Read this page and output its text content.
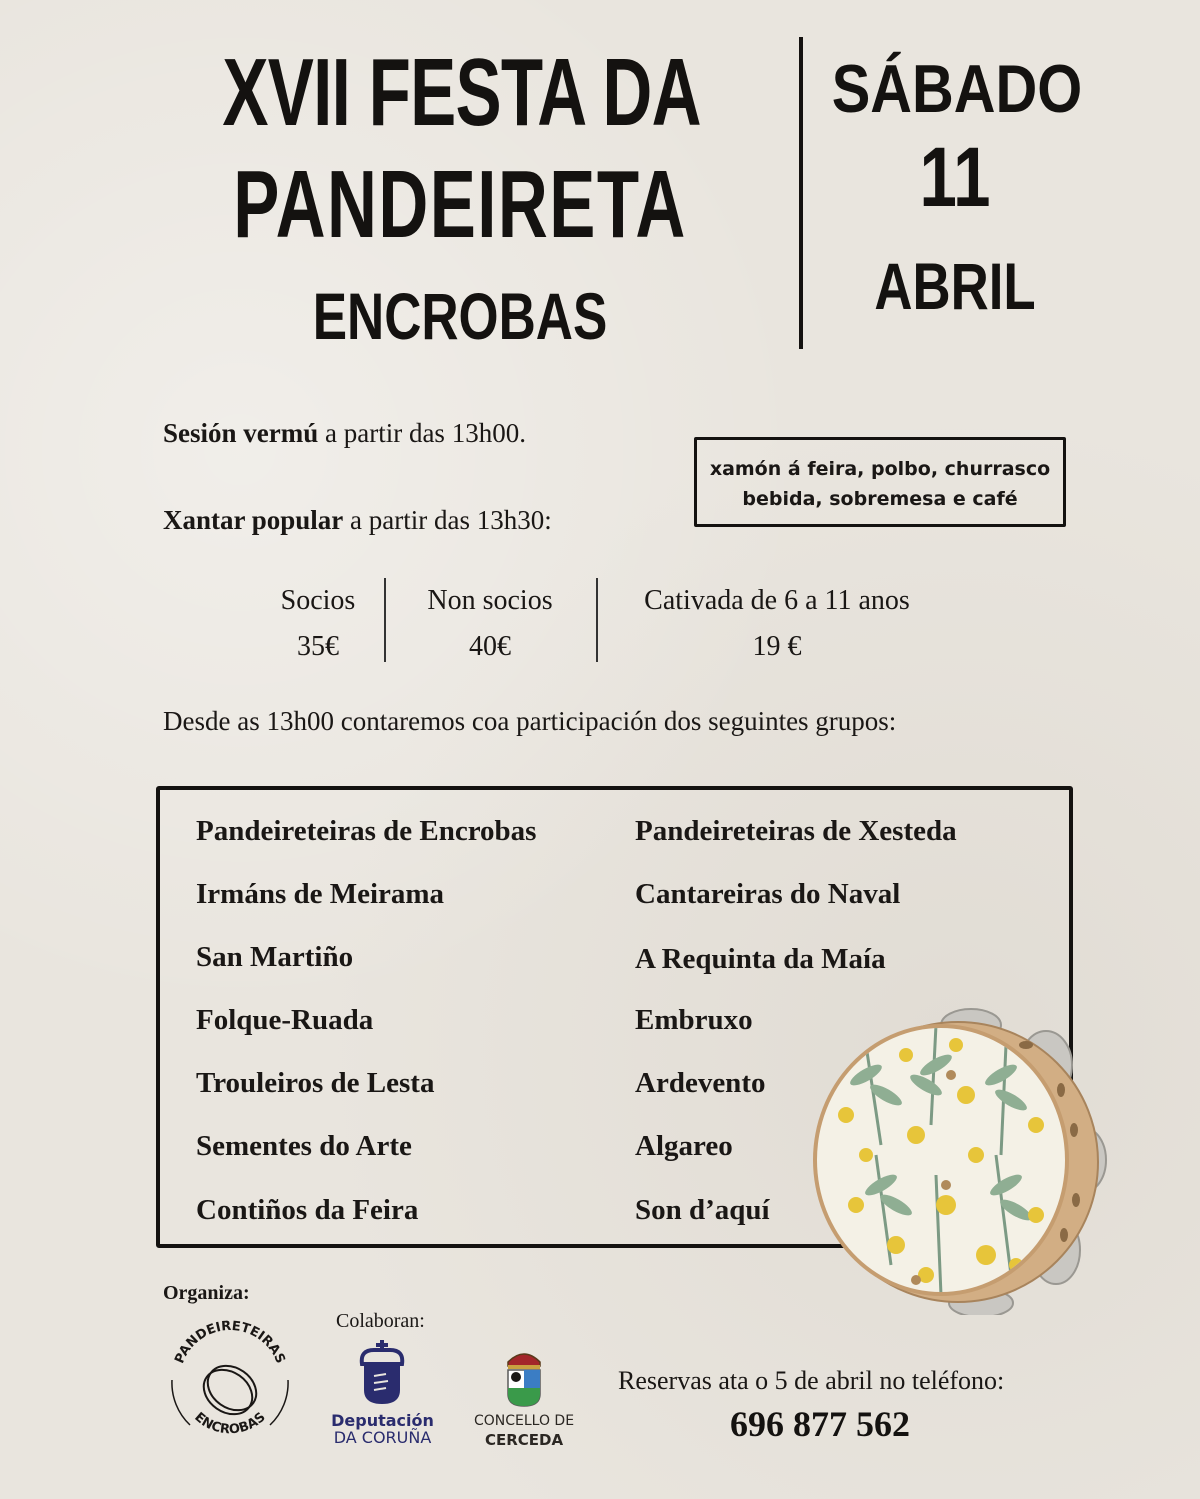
XVII FESTA DA
PANDEIRETA
ENCROBAS
SÁBADO
11
ABRIL
Sesión vermú a partir das 13h00.
Xantar popular a partir das 13h30:
xamón á feira, polbo, churrasco
bebida, sobremesa e café
Socios
35€
Non socios
40€
Cativada de 6 a 11 anos
19 €
Desde as 13h00 contaremos coa participación dos seguintes grupos:
Pandeireteiras de Encrobas
Irmáns de Meirama
San Martiño
Folque-Ruada
Trouleiros de Lesta
Sementes do Arte
Contiños da Feira
Pandeireteiras de Xesteda
Cantareiras do Naval
A Requinta da Maía
Embruxo
Ardevento
Algareo
Son d’aquí
Organiza:
PANDEIRETEIRAS
ENCROBAS
Colaboran:
Deputación
DA CORUÑA
CONCELLO DE
CERCEDA
Reservas ata o 5 de abril no teléfono:
696 877 562
